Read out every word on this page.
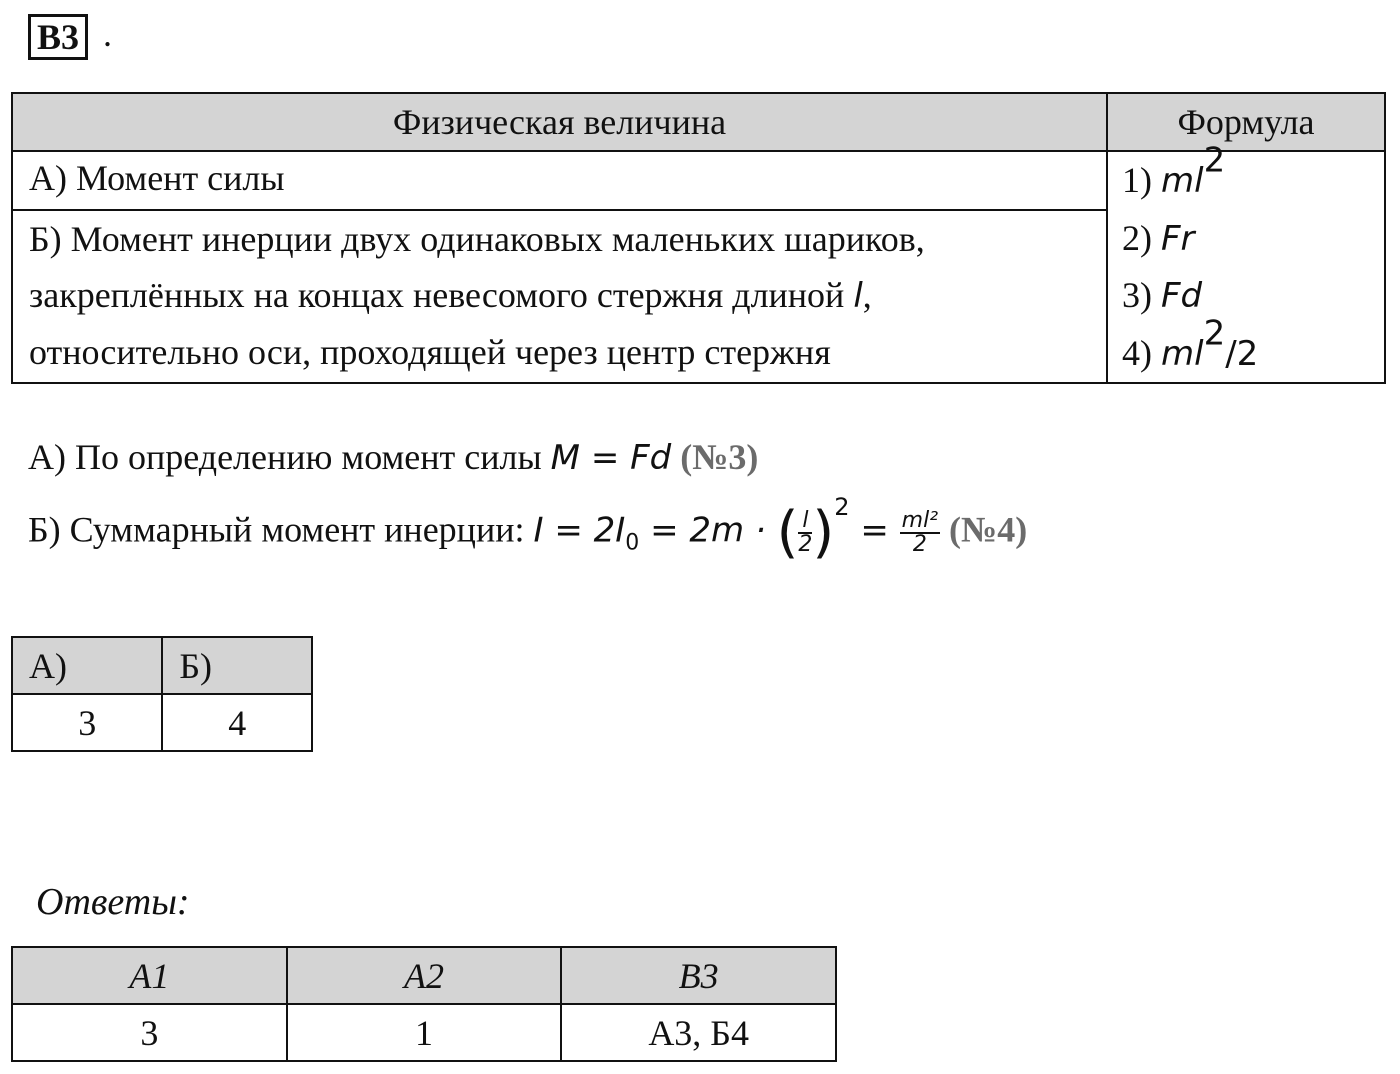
В3 .
Физическая величина	Формула
А) Момент силы	1) $ml^2$
2) Fr
3) Fd
4) $ml^2/2$

Б) Момент инерции двух одинаковых маленьких шариков,
закреплённых на концах невесомого стержня длиной l,
относительно оси, проходящей через центр стержня	
А) По определению момент силы M = Fd (№3)
Б) Суммарный момент инерции: $I = 2I_0 = 2m$ · ( $\frac{l}{2} )^2 = \frac{\text{ml²}}{2}$ (№4)
А)	Б)
3	4
Ответы:
A1	A2	B3
3	1	А3, Б4
